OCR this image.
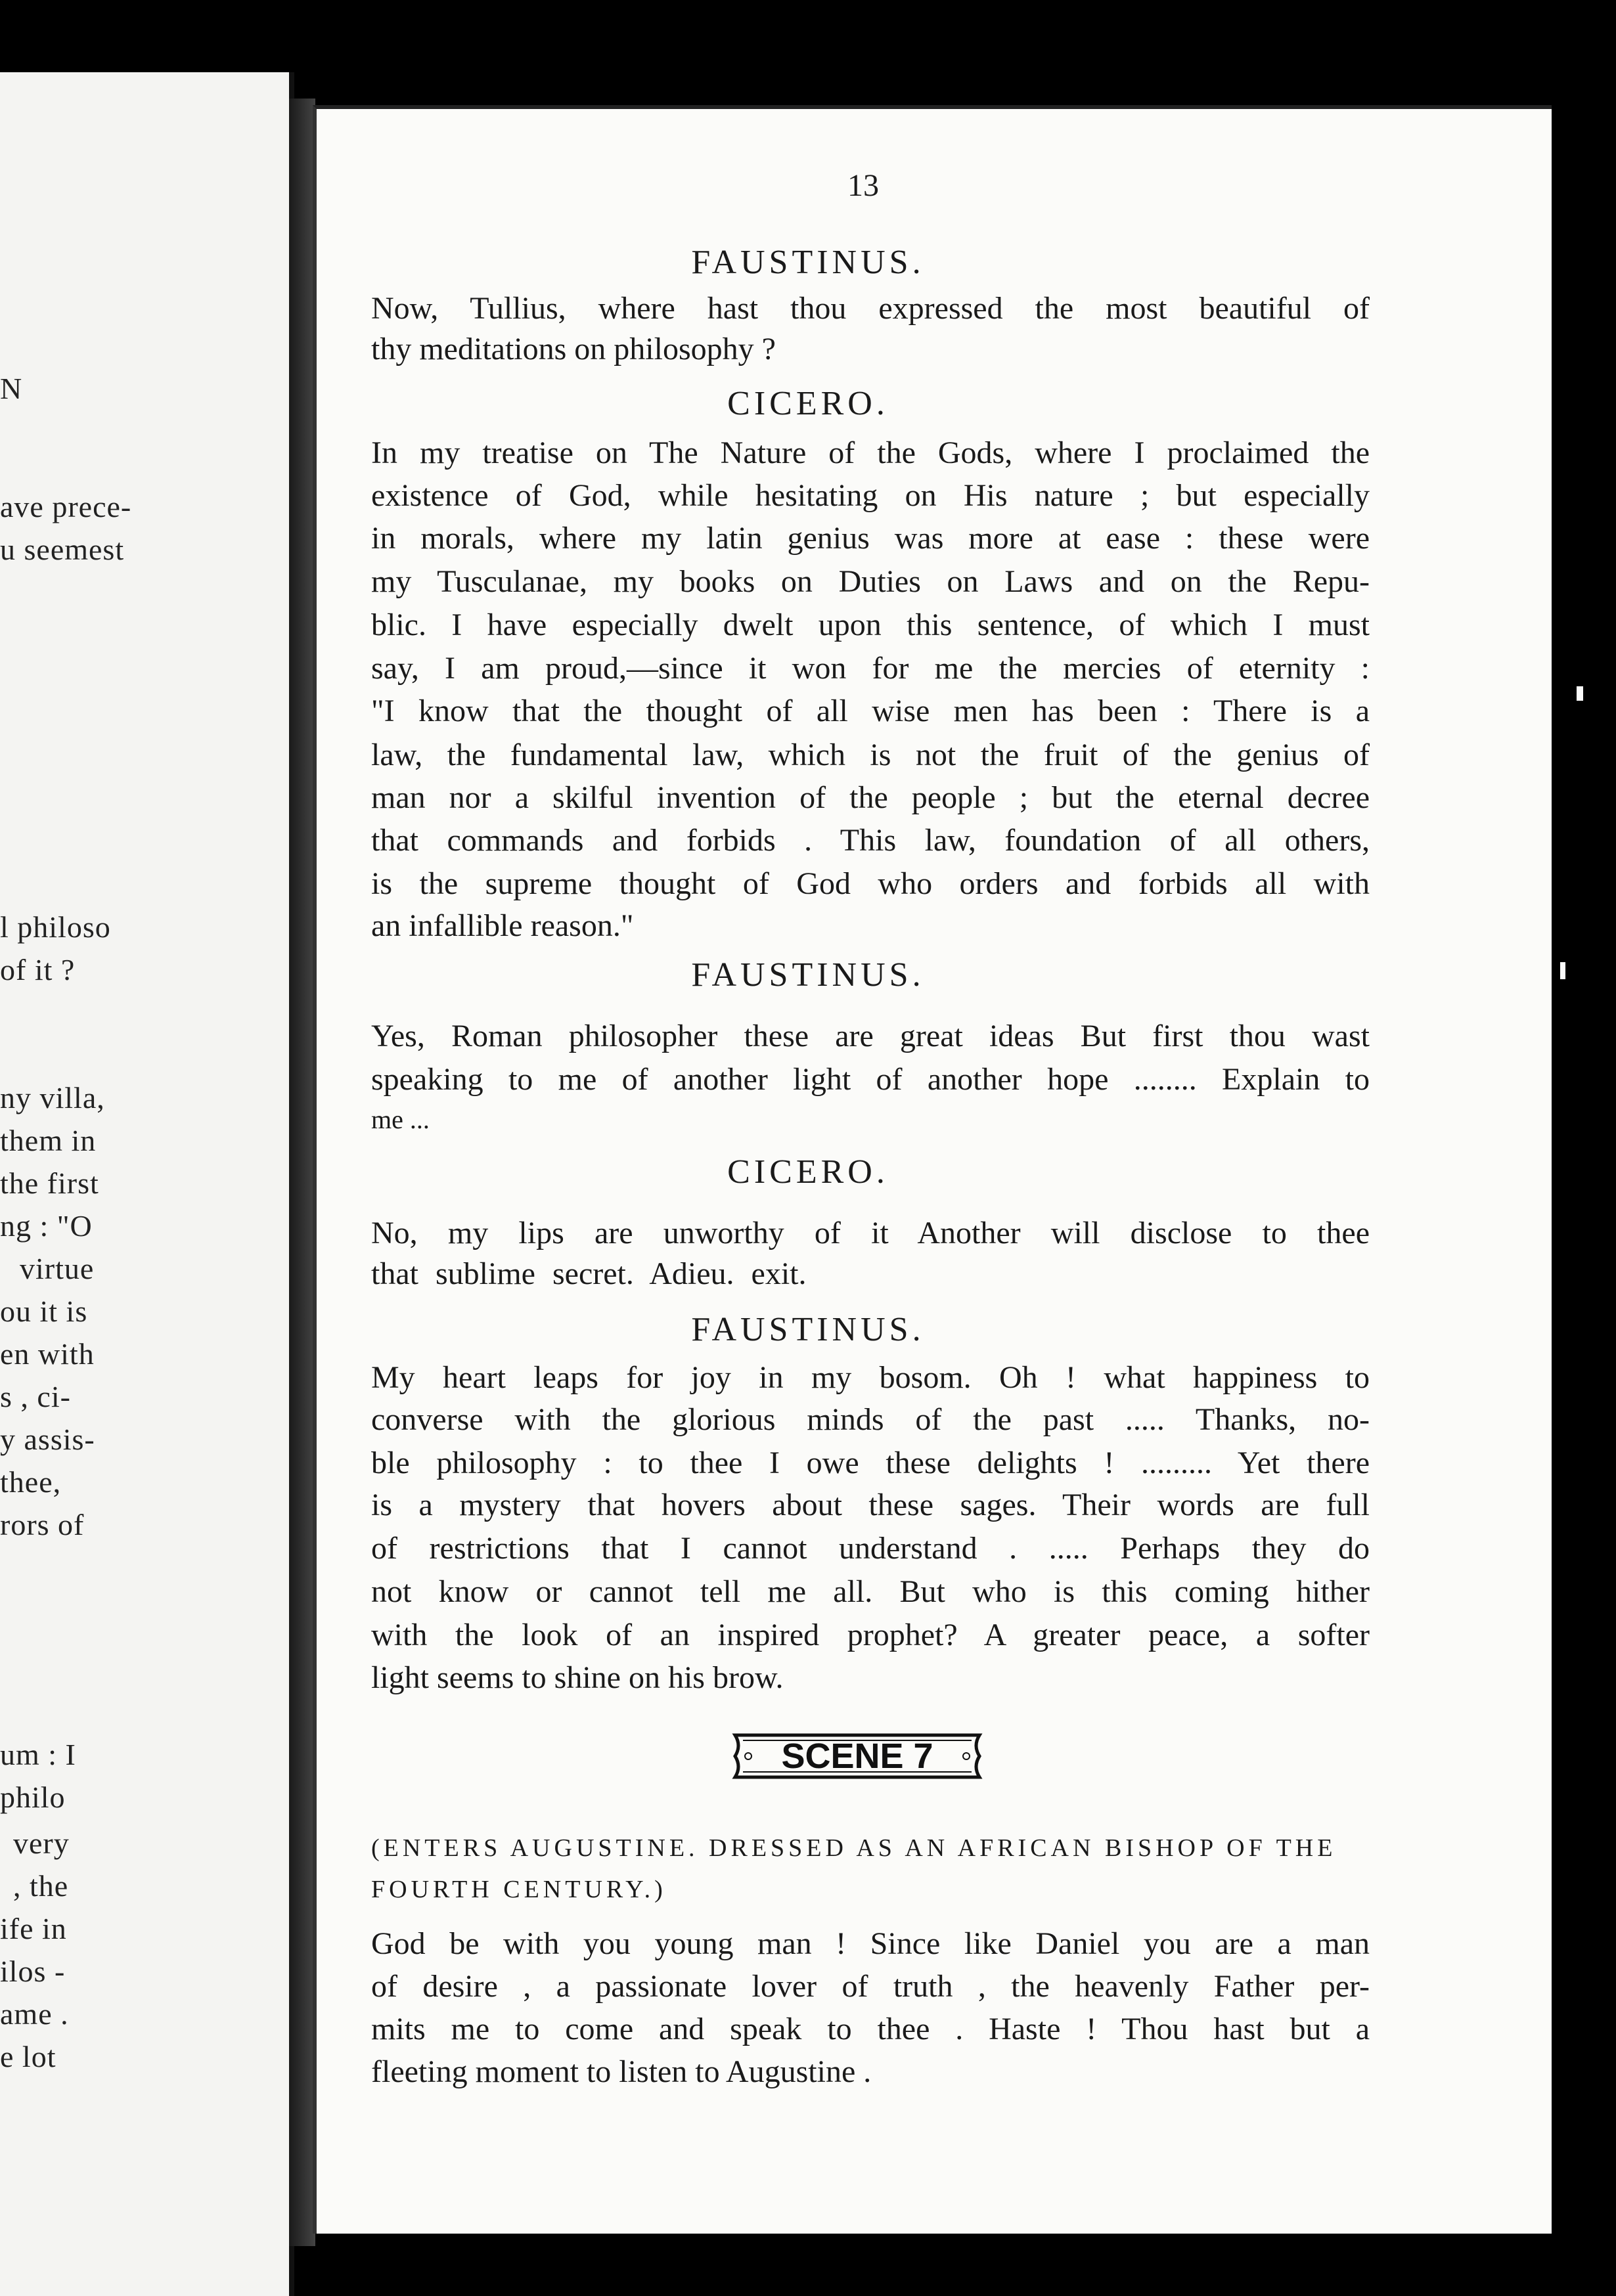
N
ave prece-
u seemest
l philoso
of it ?
ny villa,
them in
the first
ng : "O
virtue
ou it is
en with
s , ci-
y assis-
thee,
rors of
um : I
philo
very
, the
ife in
ilos -
ame .
e lot
13
FAUSTINUS.
Now, Tullius, where hast thou expressed the most beautiful of
thy meditations on philosophy ?
CICERO.
In my treatise on The Nature of the Gods, where I proclaimed the
existence of God, while hesitating on His nature ; but especially
in morals, where my latin genius was more at ease : these were
my Tusculanae, my books on Duties on Laws and on the Repu-
blic. I have especially dwelt upon this sentence, of which I must
say, I am proud,—since it won for me the mercies of eternity :
"I know that the thought of all wise men has been : There is a
law, the fundamental law, which is not the fruit of the genius of
man nor a skilful invention of the people ; but the eternal decree
that commands and forbids . This law, foundation of all others,
is the supreme thought of God who orders and forbids all with
an infallible reason."
FAUSTINUS.
Yes, Roman philosopher these are great ideas But first thou wast
speaking to me of another light of another hope ........ Explain to
me ...
CICERO.
No, my lips are unworthy of it Another will disclose to thee
that sublime secret. Adieu. exit.
FAUSTINUS.
My heart leaps for joy in my bosom. Oh ! what happiness to
converse with the glorious minds of the past ..... Thanks, no-
ble philosophy : to thee I owe these delights ! ......... Yet there
is a mystery that hovers about these sages. Their words are full
of restrictions that I cannot understand . ..... Perhaps they do
not know or cannot tell me all. But who is this coming hither
with the look of an inspired prophet? A greater peace, a softer
light seems to shine on his brow.
SCENE 7
(ENTERS AUGUSTINE. DRESSED AS AN AFRICAN BISHOP OF THE
FOURTH CENTURY.)
God be with you young man ! Since like Daniel you are a man
of desire , a passionate lover of truth , the heavenly Father per-
mits me to come and speak to thee . Haste ! Thou hast but a
fleeting moment to listen to Augustine .
